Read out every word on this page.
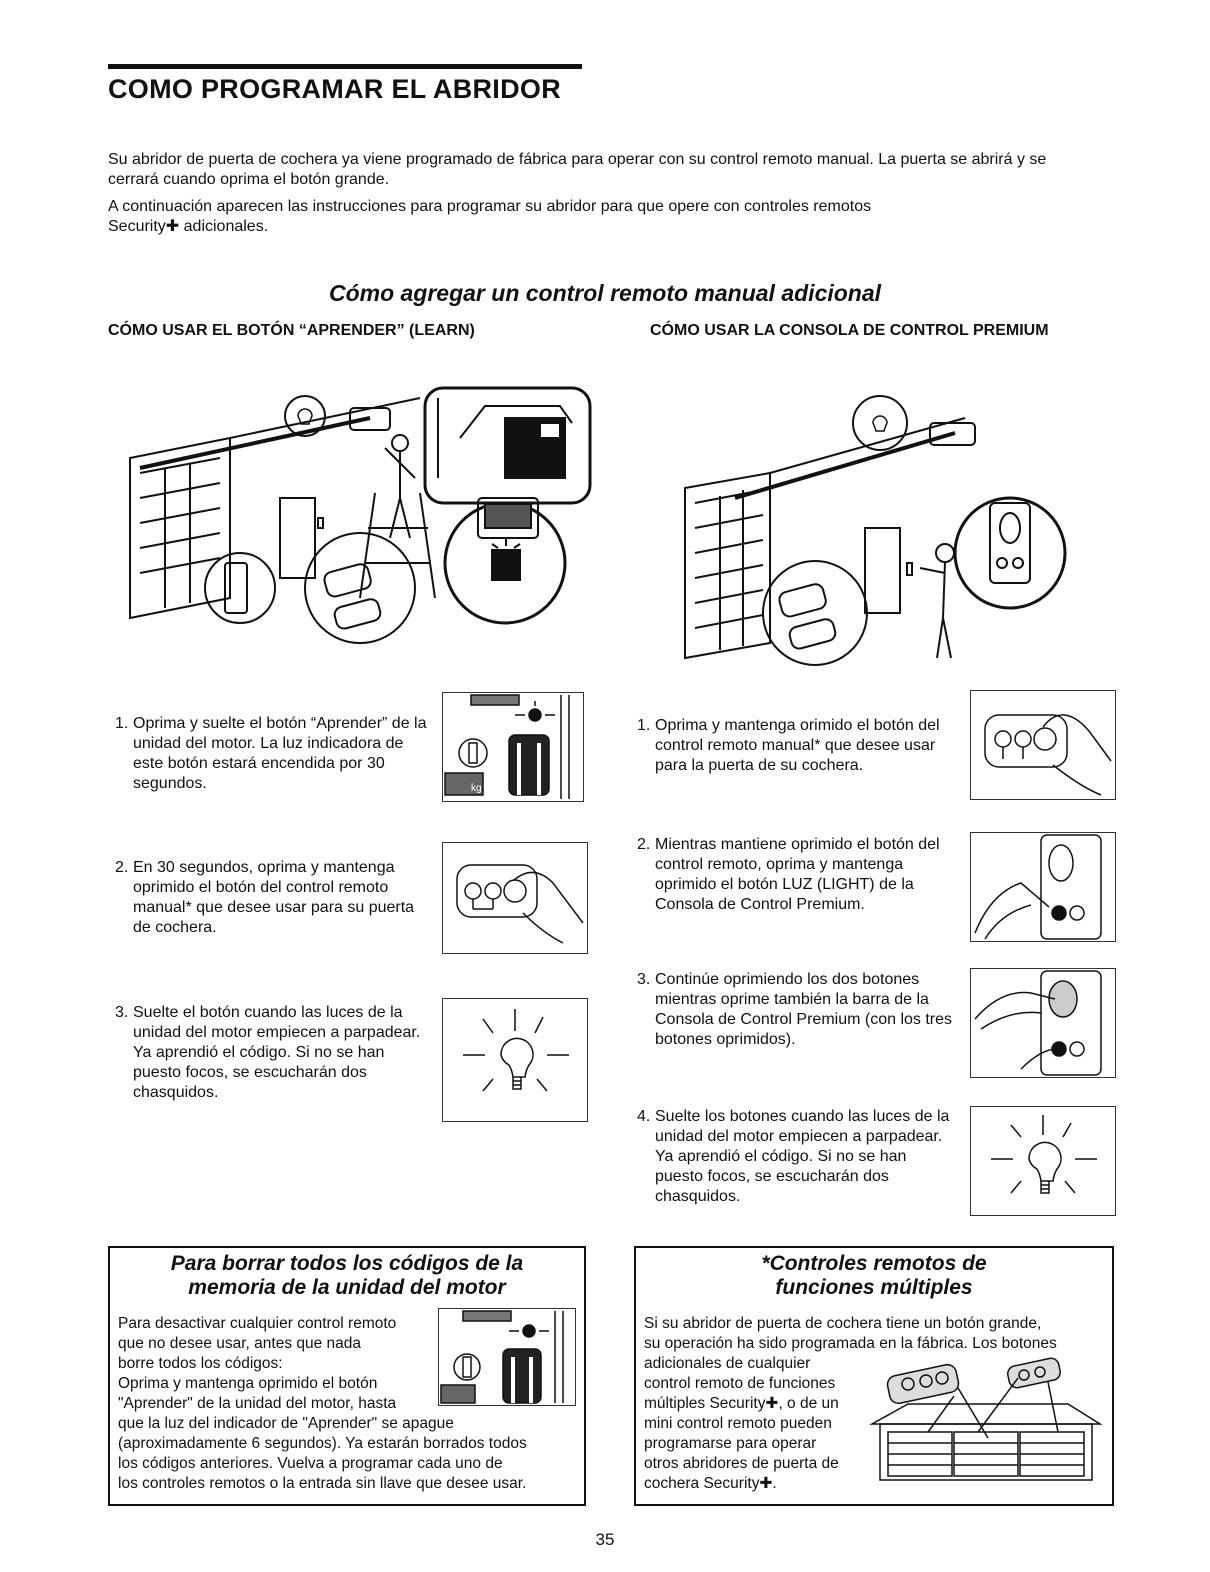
COMO PROGRAMAR EL ABRIDOR

Su abridor de puerta de cochera ya viene programado de fábrica para operar con su control remoto manual. La puerta se abrirá y se cerrará cuando oprima el botón grande.

A continuación aparecen las instrucciones para programar su abridor para que opere con controles remotos

Security✚ adicionales.

Cómo agregar un control remoto manual adicional

CÓMO USAR EL BOTÓN “APRENDER” (LEARN)	CÓMO USAR LA CONSOLA DE CONTROL PREMIUM

1. Oprima y suelte el botón “Aprender” de la unidad del motor. La luz indicadora de este botón estará encendida por 30 segundos.	kg
2. En 30 segundos, oprima y mantenga oprimido el botón del control remoto manual* que desee usar para su puerta de cochera.
3. Suelte el botón cuando las luces de la unidad del motor empiecen a parpadear. Ya aprendió el código. Si no se han puesto focos, se escucharán dos chasquidos.
1. Oprima y mantenga orimido el botón del control remoto manual* que desee usar para la puerta de su cochera.
2. Mientras mantiene oprimido el botón del control remoto, oprima y mantenga oprimido el botón LUZ (LIGHT) de la Consola de Control Premium.
3. Continúe oprimiendo los dos botones mientras oprime también la barra de la Consola de Control Premium (con los tres botones oprimidos).
4. Suelte los botones cuando las luces de la unidad del motor empiecen a parpadear. Ya aprendió el código. Si no se han puesto focos, se escucharán dos chasquidos.
Para borrar todos los códigos de la
memoria de la unidad del motor

Para desactivar cualquier control remoto

que no desee usar, antes que nada

borre todos los códigos:

Oprima y mantenga oprimido el botón

"Aprender" de la unidad del motor, hasta

que la luz del indicador de "Aprender" se apague

(aproximadamente 6 segundos). Ya estarán borrados todos

los códigos anteriores. Vuelva a programar cada uno de

los controles remotos o la entrada sin llave que desee usar.

*Controles remotos de
funciones múltiples

Si su abridor de puerta de cochera tiene un botón grande,

su operación ha sido programada en la fábrica. Los botones

adicionales de cualquier

control remoto de funciones

múltiples Security✚, o de un

mini control remoto pueden

programarse para operar

otros abridores de puerta de

cochera Security✚.

35
